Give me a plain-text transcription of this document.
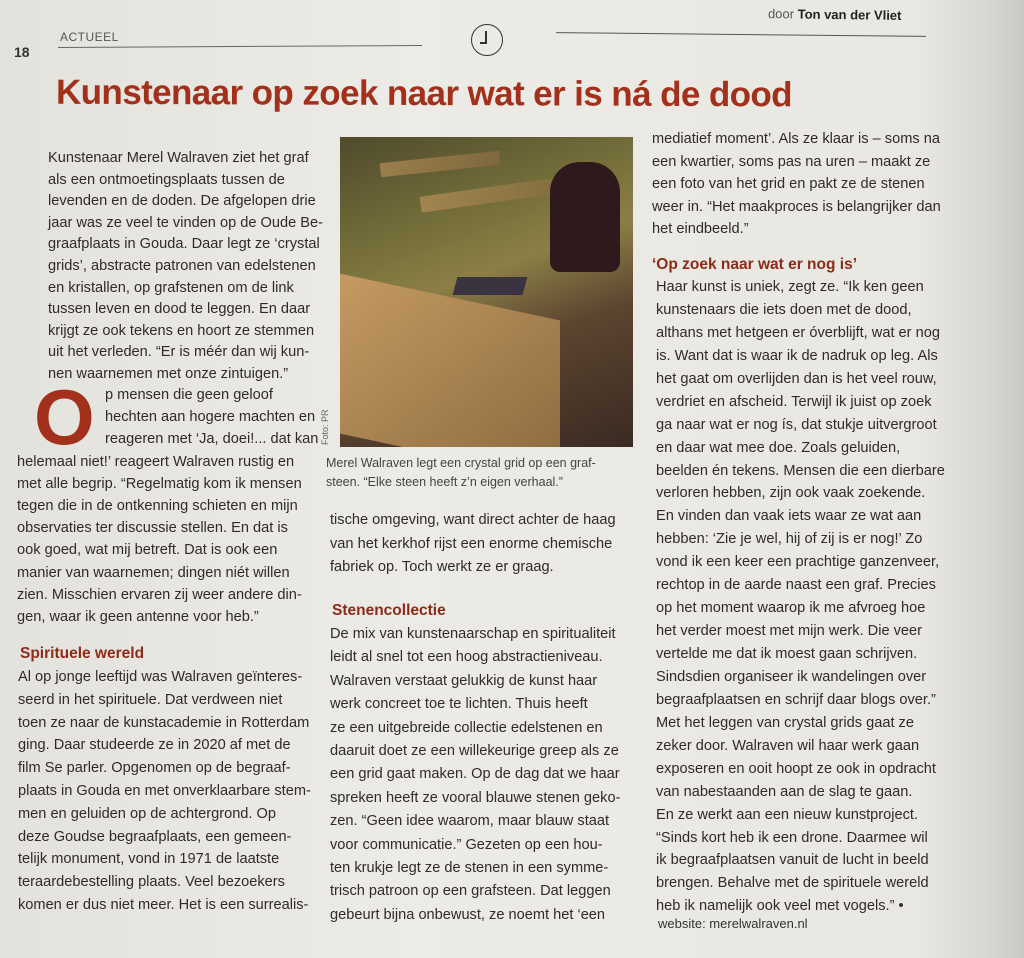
18
ACTUEEL
door Ton van der Vliet
Kunstenaar op zoek naar wat er is ná de dood
Kunstenaar Merel Walraven ziet het graf
als een ontmoetingsplaats tussen de
levenden en de doden. De afgelopen drie
jaar was ze veel te vinden op de Oude Be-
graafplaats in Gouda. Daar legt ze ‘crystal
grids’, abstracte patronen van edelstenen
en kristallen, op grafstenen om de link
tussen leven en dood te leggen. En daar
krijgt ze ook tekens en hoort ze stemmen
uit het verleden. “Er is méér dan wij kun-
nen waarnemen met onze zintuigen.”
O p mensen die geen geloof
hechten aan hogere machten en
reageren met ‘Ja, doei!... dat kan
helemaal niet!’ reageert Walraven rustig en
met alle begrip. “Regelmatig kom ik mensen
tegen die in de ontkenning schieten en mijn
observaties ter discussie stellen. En dat is
ook goed, wat mij betreft. Dat is ook een
manier van waarnemen; dingen niét willen
zien. Misschien ervaren zij weer andere din-
gen, waar ik geen antenne voor heb.”
Spirituele wereld
Al op jonge leeftijd was Walraven geïnteres-
seerd in het spirituele. Dat verdween niet
toen ze naar de kunstacademie in Rotterdam
ging. Daar studeerde ze in 2020 af met de
film Se parler. Opgenomen op de begraaf-
plaats in Gouda en met onverklaarbare stem-
men en geluiden op de achtergrond. Op
deze Goudse begraafplaats, een gemeen-
telijk monument, vond in 1971 de laatste
teraardebestelling plaats. Veel bezoekers
komen er dus niet meer. Het is een surrealis-
Foto: PR
Merel Walraven legt een crystal grid op een graf-
steen. “Elke steen heeft z’n eigen verhaal.”
tische omgeving, want direct achter de haag
van het kerkhof rijst een enorme chemische
fabriek op. Toch werkt ze er graag.
Stenencollectie
De mix van kunstenaarschap en spiritualiteit
leidt al snel tot een hoog abstractieniveau.
Walraven verstaat gelukkig de kunst haar
werk concreet toe te lichten. Thuis heeft
ze een uitgebreide collectie edelstenen en
daaruit doet ze een willekeurige greep als ze
een grid gaat maken. Op de dag dat we haar
spreken heeft ze vooral blauwe stenen geko-
zen. “Geen idee waarom, maar blauw staat
voor communicatie.” Gezeten op een hou-
ten krukje legt ze de stenen in een symme-
trisch patroon op een grafsteen. Dat leggen
gebeurt bijna onbewust, ze noemt het ‘een
mediatief moment’. Als ze klaar is – soms na
een kwartier, soms pas na uren – maakt ze
een foto van het grid en pakt ze de stenen
weer in. “Het maakproces is belangrijker dan
het eindbeeld.”
‘Op zoek naar wat er nog is’
Haar kunst is uniek, zegt ze. “Ik ken geen
kunstenaars die iets doen met de dood,
althans met hetgeen er óverblijft, wat er nog
is. Want dat is waar ik de nadruk op leg. Als
het gaat om overlijden dan is het veel rouw,
verdriet en afscheid. Terwijl ik juist op zoek
ga naar wat er nog ís, dat stukje uitvergroot
en daar wat mee doe. Zoals geluiden,
beelden én tekens. Mensen die een dierbare
verloren hebben, zijn ook vaak zoekende.
En vinden dan vaak iets waar ze wat aan
hebben: ‘Zie je wel, hij of zij is er nog!’ Zo
vond ik een keer een prachtige ganzenveer,
rechtop in de aarde naast een graf. Precies
op het moment waarop ik me afvroeg hoe
het verder moest met mijn werk. Die veer
vertelde me dat ik moest gaan schrijven.
Sindsdien organiseer ik wandelingen over
begraafplaatsen en schrijf daar blogs over.”
Met het leggen van crystal grids gaat ze
zeker door. Walraven wil haar werk gaan
exposeren en ooit hoopt ze ook in opdracht
van nabestaanden aan de slag te gaan.
En ze werkt aan een nieuw kunstproject.
“Sinds kort heb ik een drone. Daarmee wil
ik begraafplaatsen vanuit de lucht in beeld
brengen. Behalve met de spirituele wereld
heb ik namelijk ook veel met vogels.” •
website: merelwalraven.nl
